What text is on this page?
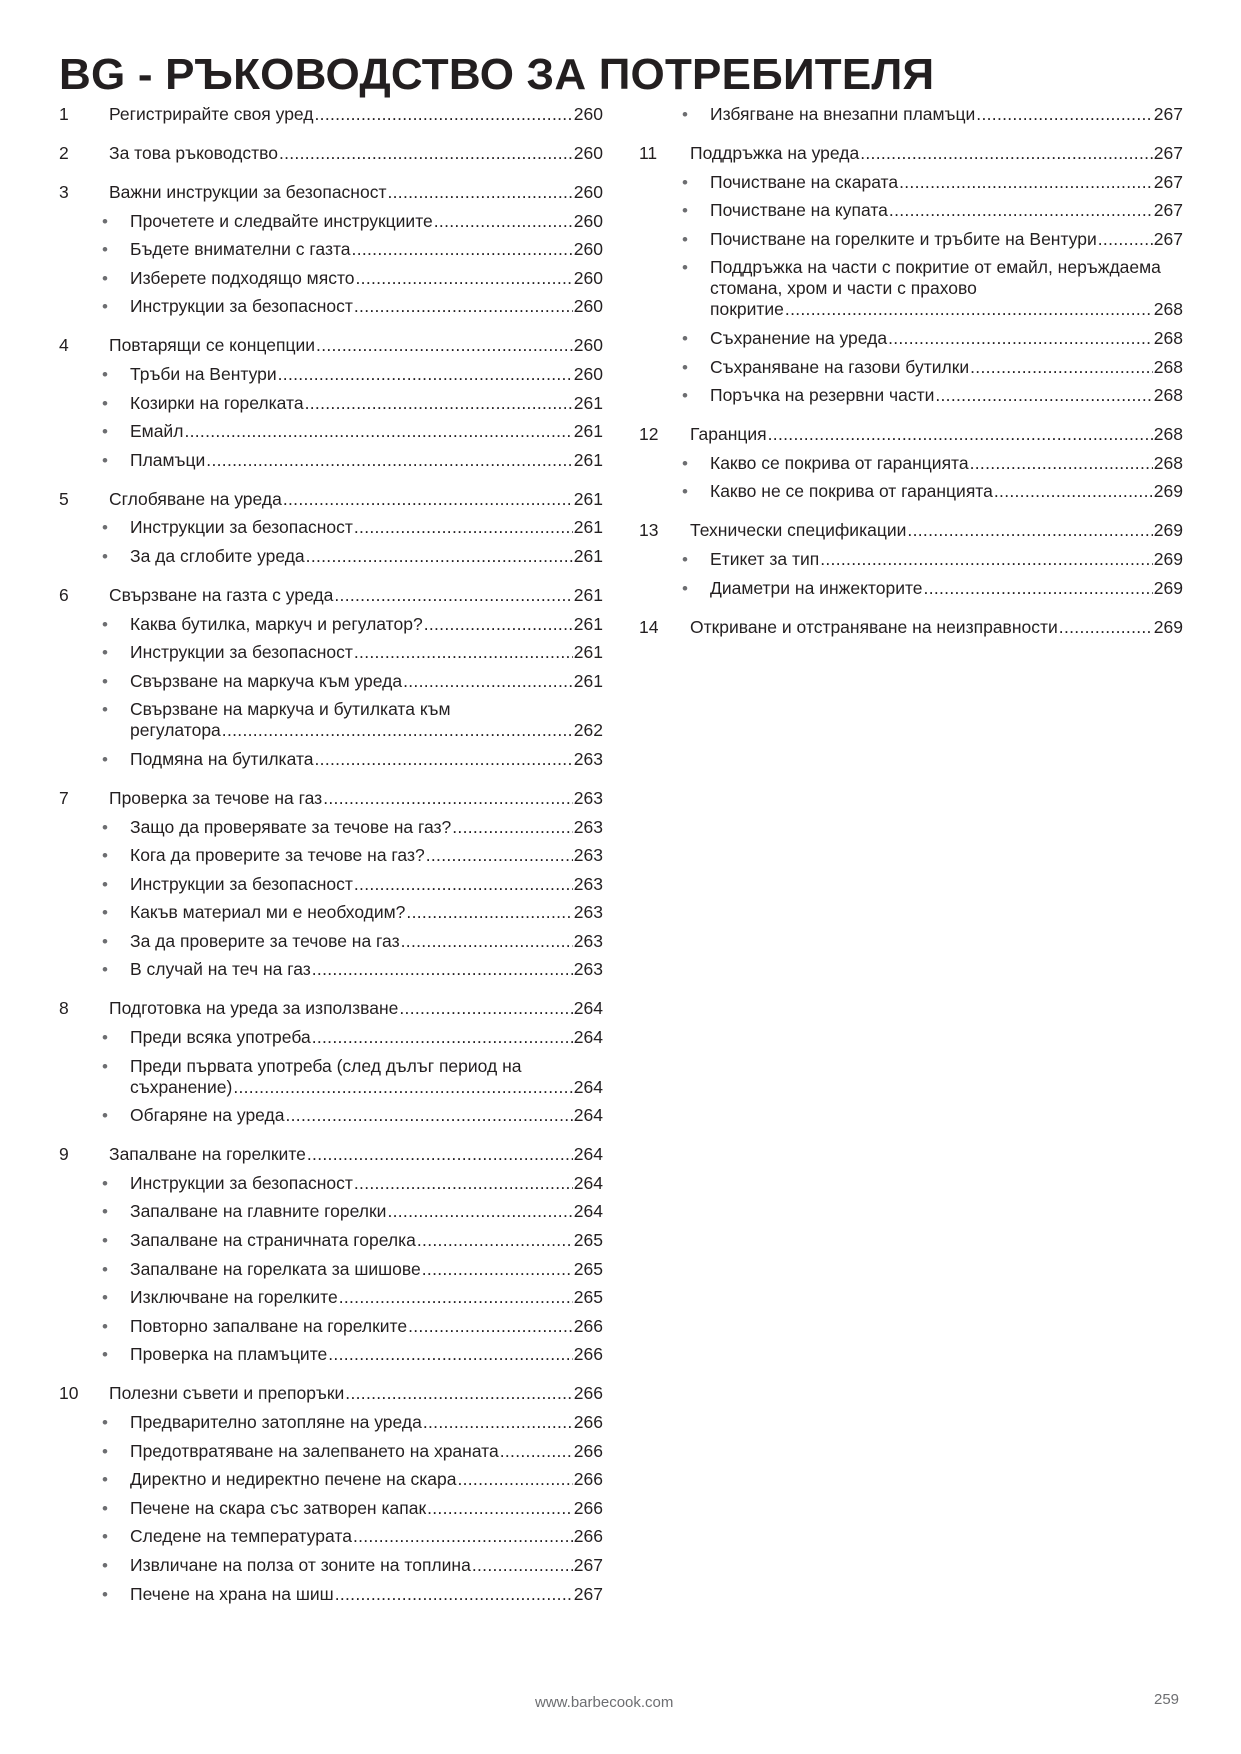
BG - РЪКОВОДСТВО ЗА ПОТРЕБИТЕЛЯ
1 Регистрирайте своя уред .....	260
2 За това ръководство .....	260
3 Важни инструкции за безопасност .....	260
• Прочетете и следвайте инструкциите .....	260
• Бъдете внимателни с газта .....	260
• Изберете подходящо място .....	260
• Инструкции за безопасност .....	260
4 Повтарящи се концепции .....	260
• Тръби на Вентури .....	260
• Козирки на горелката .....	261
• Емайл .....	261
• Пламъци .....	261
5 Сглобяване на уреда .....	261
• Инструкции за безопасност .....	261
• За да сглобите уреда .....	261
6 Свързване на газта с уреда .....	261
• Каква бутилка, маркуч и регулатор? .....	261
• Инструкции за безопасност .....	261
• Свързване на маркуча към уреда .....	261
• Свързване на маркуча и бутилката към
регулатора .....	262
• Подмяна на бутилката .....	263
7 Проверка за течове на газ .....	263
• Защо да проверявате за течове на газ? .....	263
• Кога да проверите за течове на газ? .....	263
• Инструкции за безопасност .....	263
• Какъв материал ми е необходим? .....	263
• За да проверите за течове на газ .....	263
• В случай на теч на газ .....	263
8 Подготовка на уреда за използване .....	264
• Преди всяка употреба .....	264
• Преди първата употреба (след дълъг период на
съхранение) .....	264
• Обгаряне на уреда .....	264
9 Запалване на горелките .....	264
• Инструкции за безопасност .....	264
• Запалване на главните горелки .....	264
• Запалване на страничната горелка .....	265
• Запалване на горелката за шишове .....	265
• Изключване на горелките .....	265
• Повторно запалване на горелките .....	266
• Проверка на пламъците .....	266
10 Полезни съвети и препоръки .....	266
• Предварително затопляне на уреда .....	266
• Предотвратяване на залепването на храната .....	266
• Директно и недиректно печене на скара .....	266
• Печене на скара със затворен капак .....	266
• Следене на температурата .....	266
• Извличане на полза от зоните на топлина .....	267
• Печене на храна на шиш .....	267
• Избягване на внезапни пламъци .....	267
11 Поддръжка на уреда .....	267
• Почистване на скарата .....	267
• Почистване на купата .....	267
• Почистване на горелките и тръбите на Вентури .....	267
• Поддръжка на части с покритие от емайл, неръждаема стомана, хром и части с прахово
покритие .....	268
• Съхранение на уреда .....	268
• Съхраняване на газови бутилки .....	268
• Поръчка на резервни части .....	268
12 Гаранция .....	268
• Какво се покрива от гаранцията .....	268
• Какво не се покрива от гаранцията .....	269
13 Технически спецификации .....	269
• Етикет за тип .....	269
• Диаметри на инжекторите .....	269
14 Откриване и отстраняване на неизправности .....	269
www.barbecook.com	259
